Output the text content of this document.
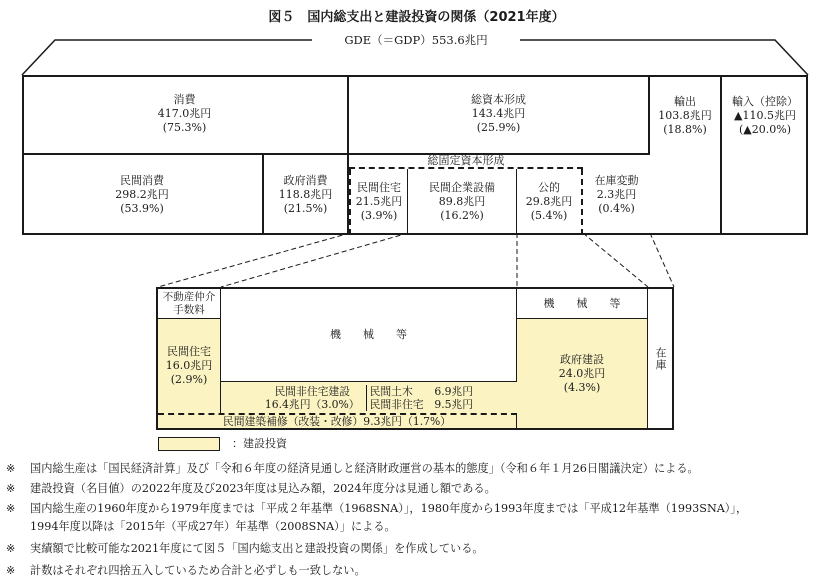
図５　国内総支出と建設投資の関係（2021年度）
GDE（＝GDP）553.6兆円
消費
417.0兆円
(75.3%)
総資本形成
143.4兆円
(25.9%)
輸出
103.8兆円
(18.8%)
輸入（控除）
▲110.5兆円
(▲20.0%)
民間消費
298.2兆円
(53.9%)
政府消費
118.8兆円
(21.5%)
総固定資本形成
民間住宅
21.5兆円
(3.9%)
民間企業設備
89.8兆円
(16.2%)
公的
29.8兆円
(5.4%)
在庫変動
2.3兆円
(0.4%)
不動産仲介
手数料
機　　械　　等
民間住宅
16.0兆円
(2.9%)
民間非住宅建設
16.4兆円（3.0%）
民間土木　　6.9兆円
民間非住宅　9.5兆円
民間建築補修（改装・改修）9.3兆円（1.7%）
機　　械　　等
政府建設
24.0兆円
(4.3%)
在庫
：建設投資
※ 国内総生産は「国民経済計算」及び「令和６年度の経済見通しと経済財政運営の基本的態度」（令和６年１月26日閣議決定）による。
※ 建設投資（名目値）の2022年度及び2023年度は見込み額，2024年度分は見通し額である。
※ 国内総生産の1960年度から1979年度までは「平成２年基準（1968SNA）」，1980年度から1993年度までは「平成12年基準（1993SNA）」，
1994年度以降は「2015年（平成27年）年基準（2008SNA）」による。
※ 実績額で比較可能な2021年度にて図５「国内総支出と建設投資の関係」を作成している。
※ 計数はそれぞれ四捨五入しているため合計と必ずしも一致しない。
